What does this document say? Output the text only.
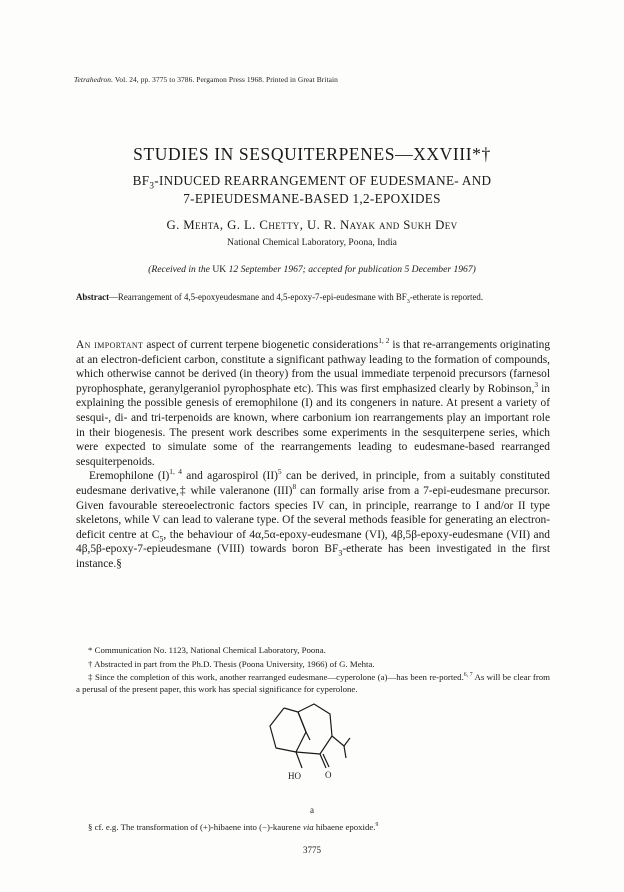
Tetrahedron. Vol. 24, pp. 3775 to 3786. Pergamon Press 1968. Printed in Great Britain
STUDIES IN SESQUITERPENES—XXVIII*†
$BF_3$-INDUCED REARRANGEMENT OF EUDESMANE- AND
7-EPIEUDESMANE-BASED 1,2-EPOXIDES
G. Mehta, G. L. Chetty, U. R. Nayak and Sukh Dev
National Chemical Laboratory, Poona, India
(Received in the UK 12 September 1967; accepted for publication 5 December 1967)
Abstract—Rearrangement of 4,5-epoxyeudesmane and 4,5-epoxy-7-epi-eudesmane with $BF_3$-etherate is reported.

An important aspect of current terpene biogenetic considerations$^{1, 2}$ is that re-arrangements originating at an electron-deficient carbon, constitute a significant pathway leading to the formation of compounds, which otherwise cannot be derived (in theory) from the usual immediate terpenoid precursors (farnesol pyrophosphate, geranylgeraniol pyrophosphate etc). This was first emphasized clearly by Robinson,$^3$ in explaining the possible genesis of eremophilone (I) and its congeners in nature. At present a variety of sesqui-, di- and tri-terpenoids are known, where carbonium ion rearrangements play an important role in their biogenesis. The present work describes some experiments in the sesquiterpene series, which were expected to simulate some of the rearrangements leading to eudesmane-based rearranged sesquiterpenoids.

Eremophilone $(I)^{1, 4}$ and agarospirol (II)$^5$ can be derived, in principle, from a suitably constituted eudesmane derivative,‡ while valeranone (III)$^8$ can formally arise from a 7-epi-eudesmane precursor. Given favourable stereoelectronic factors species IV can, in principle, rearrange to I and/or II type skeletons, while V can lead to valerane type. Of the several methods feasible for generating an electron-deficit centre at $C_5$, the behaviour of 4α,5α-epoxy-eudesmane (VI), 4β,5β-epoxy-eudesmane (VII) and 4β,5β-epoxy-7-epieudesmane (VIII) towards boron $BF_3$-etherate has been investigated in the first instance.§

* Communication No. 1123, National Chemical Laboratory, Poona.

† Abstracted in part from the Ph.D. Thesis (Poona University, 1966) of G. Mehta.

‡ Since the completion of this work, another rearranged eudesmane—cyperolone (a)—has been re-ported.$^{6, 7}$ As will be clear from a perusal of the present paper, this work has special significance for cyperolone.

HO	O
a
§ cf. e.g. The transformation of (+)-hibaene into (−)-kaurene via hibaene epoxide.$^9$
3775
